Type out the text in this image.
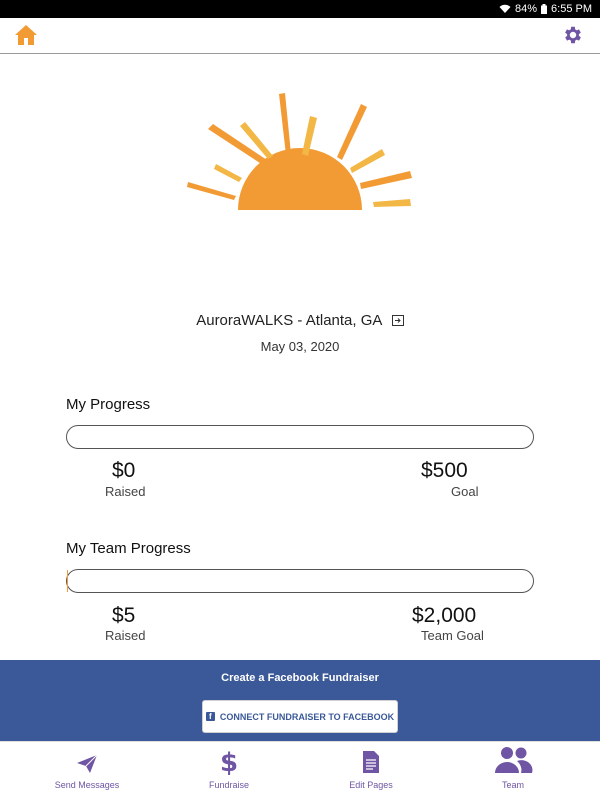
84% 6:55 PM
AuroraWALKS - Atlanta, GA
May 03, 2020
My Progress
$0
Raised
$500
Goal
My Team Progress
$5
Raised
$2,000
Team Goal
Create a Facebook Fundraiser
f CONNECT FUNDRAISER TO FACEBOOK
Send Messages
$
Fundraise	Edit Pages	Team
